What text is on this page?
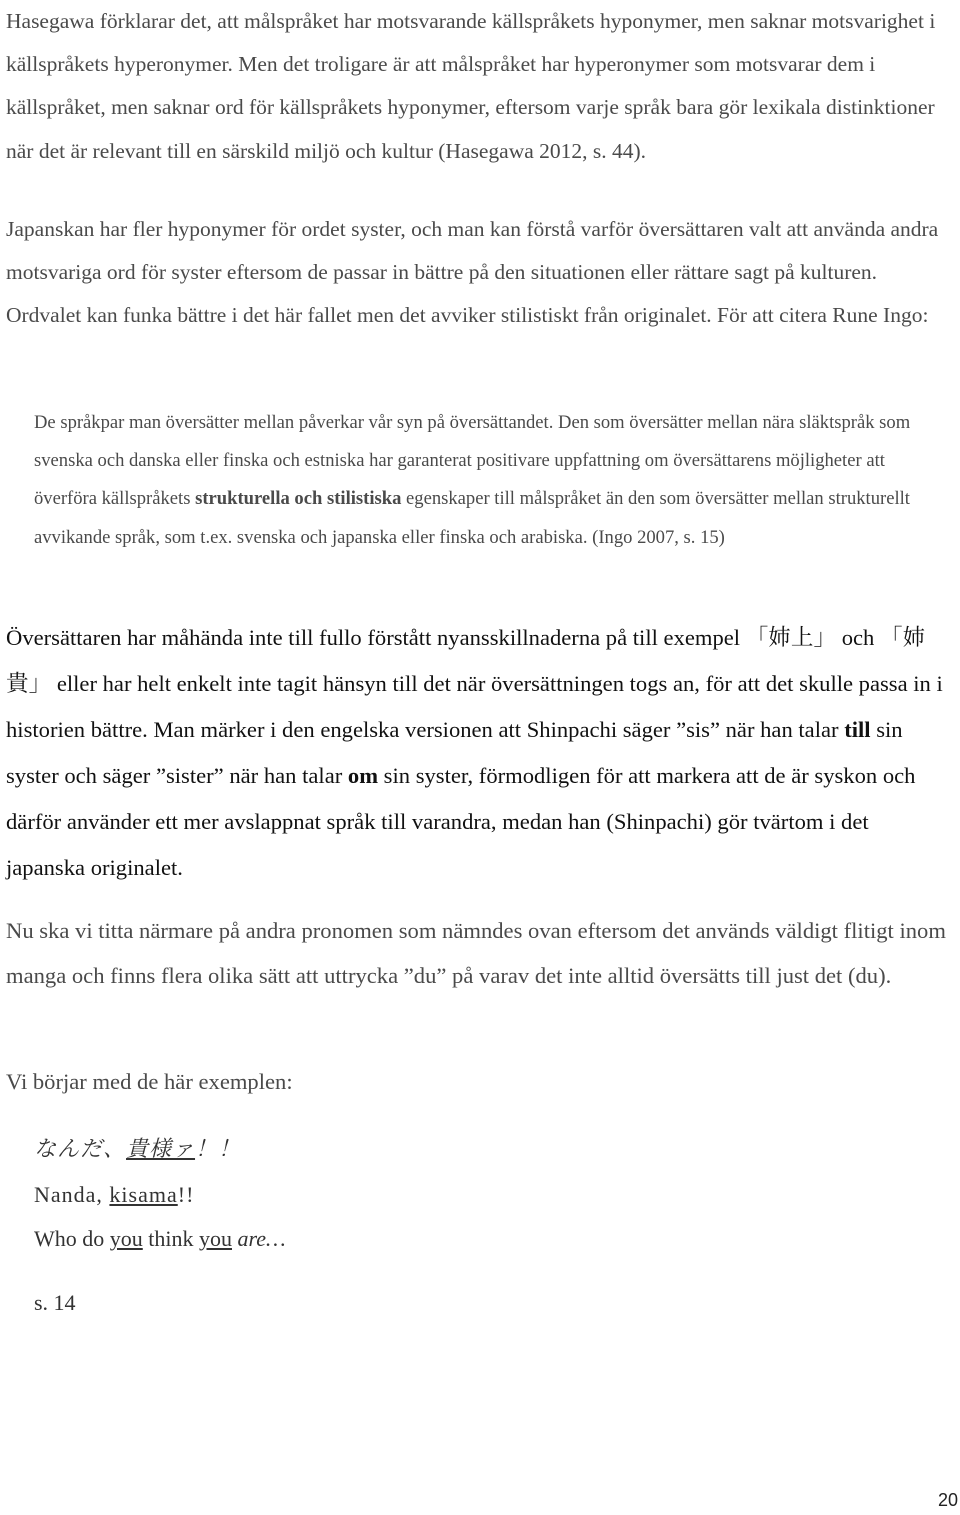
Hasegawa förklarar det, att målspråket har motsvarande källspråkets hyponymer, men saknar motsvarighet i källspråkets hyperonymer. Men det troligare är att målspråket har hyperonymer som motsvarar dem i källspråket, men saknar ord för källspråkets hyponymer, eftersom varje språk bara gör lexikala distinktioner när det är relevant till en särskild miljö och kultur (Hasegawa 2012, s. 44).

Japanskan har fler hyponymer för ordet syster, och man kan förstå varför översättaren valt att använda andra motsvariga ord för syster eftersom de passar in bättre på den situationen eller rättare sagt på kulturen. Ordvalet kan funka bättre i det här fallet men det avviker stilistiskt från originalet. För att citera Rune Ingo:

De språkpar man översätter mellan påverkar vår syn på översättandet. Den som översätter mellan nära släktspråk som svenska och danska eller finska och estniska har garanterat positivare uppfattning om översättarens möjligheter att överföra källspråkets strukturella och stilistiska egenskaper till målspråket än den som översätter mellan strukturellt avvikande språk, som t.ex. svenska och japanska eller finska och arabiska. (Ingo 2007, s. 15)

Översättaren har måhända inte till fullo förstått nyansskillnaderna på till exempel 「姉上」 och 「姉貴」 eller har helt enkelt inte tagit hänsyn till det när översättningen togs an, för att det skulle passa in i historien bättre. Man märker i den engelska versionen att Shinpachi säger ”sis” när han talar till sin syster och säger ”sister” när han talar om sin syster, förmodligen för att markera att de är syskon och därför använder ett mer avslappnat språk till varandra, medan han (Shinpachi) gör tvärtom i det japanska originalet.

Nu ska vi titta närmare på andra pronomen som nämndes ovan eftersom det används väldigt flitigt inom manga och finns flera olika sätt att uttrycka ”du” på varav det inte alltid översätts till just det (du).

Vi börjar med de här exemplen:

なんだ、貴様ァ！！

Nanda, kisama!!

Who do you think you are…

s. 14

20
